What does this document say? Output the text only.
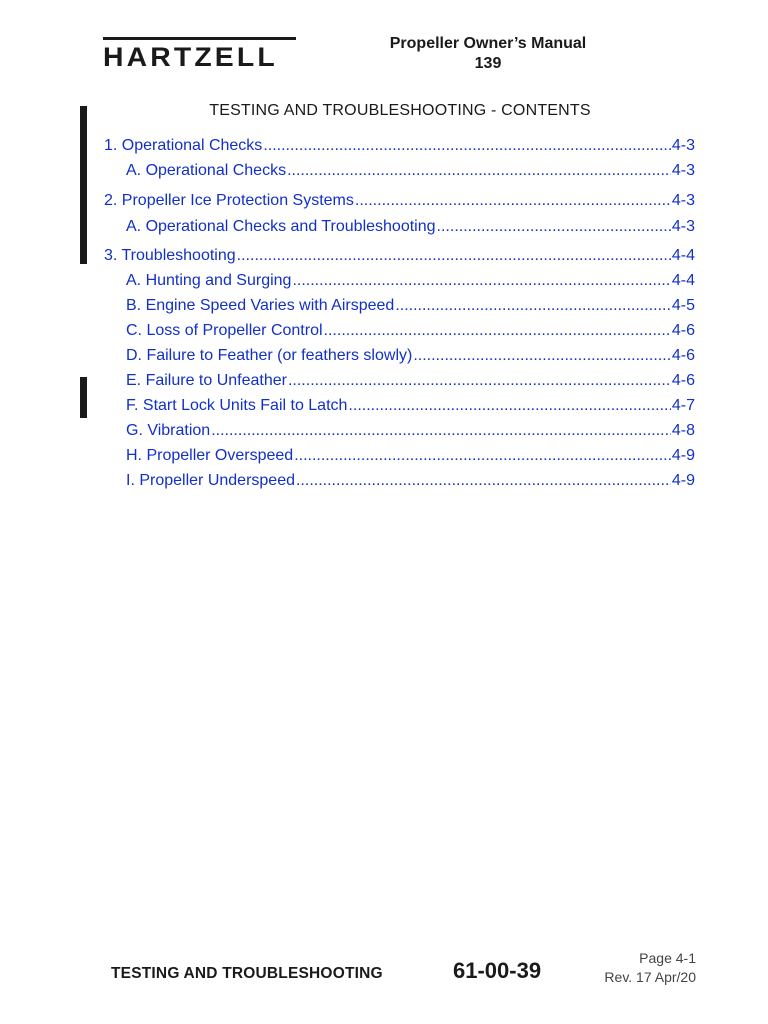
HARTZELL	Propeller Owner’s Manual
139
TESTING AND TROUBLESHOOTING - CONTENTS
1. Operational Checks .....	4-3
A. Operational Checks .....	4-3
2. Propeller Ice Protection Systems .....	4-3
A. Operational Checks and Troubleshooting .....	4-3
3. Troubleshooting .....	4-4
A. Hunting and Surging .....	4-4
B. Engine Speed Varies with Airspeed .....	4-5
C. Loss of Propeller Control .....	4-6
D. Failure to Feather (or feathers slowly) .....	4-6
E. Failure to Unfeather .....	4-6
F. Start Lock Units Fail to Latch .....	4-7
G. Vibration .....	4-8
H. Propeller Overspeed .....	4-9
I. Propeller Underspeed .....	4-9
TESTING AND TROUBLESHOOTING	61-00-39	Page 4-1
Rev. 17 Apr/20
